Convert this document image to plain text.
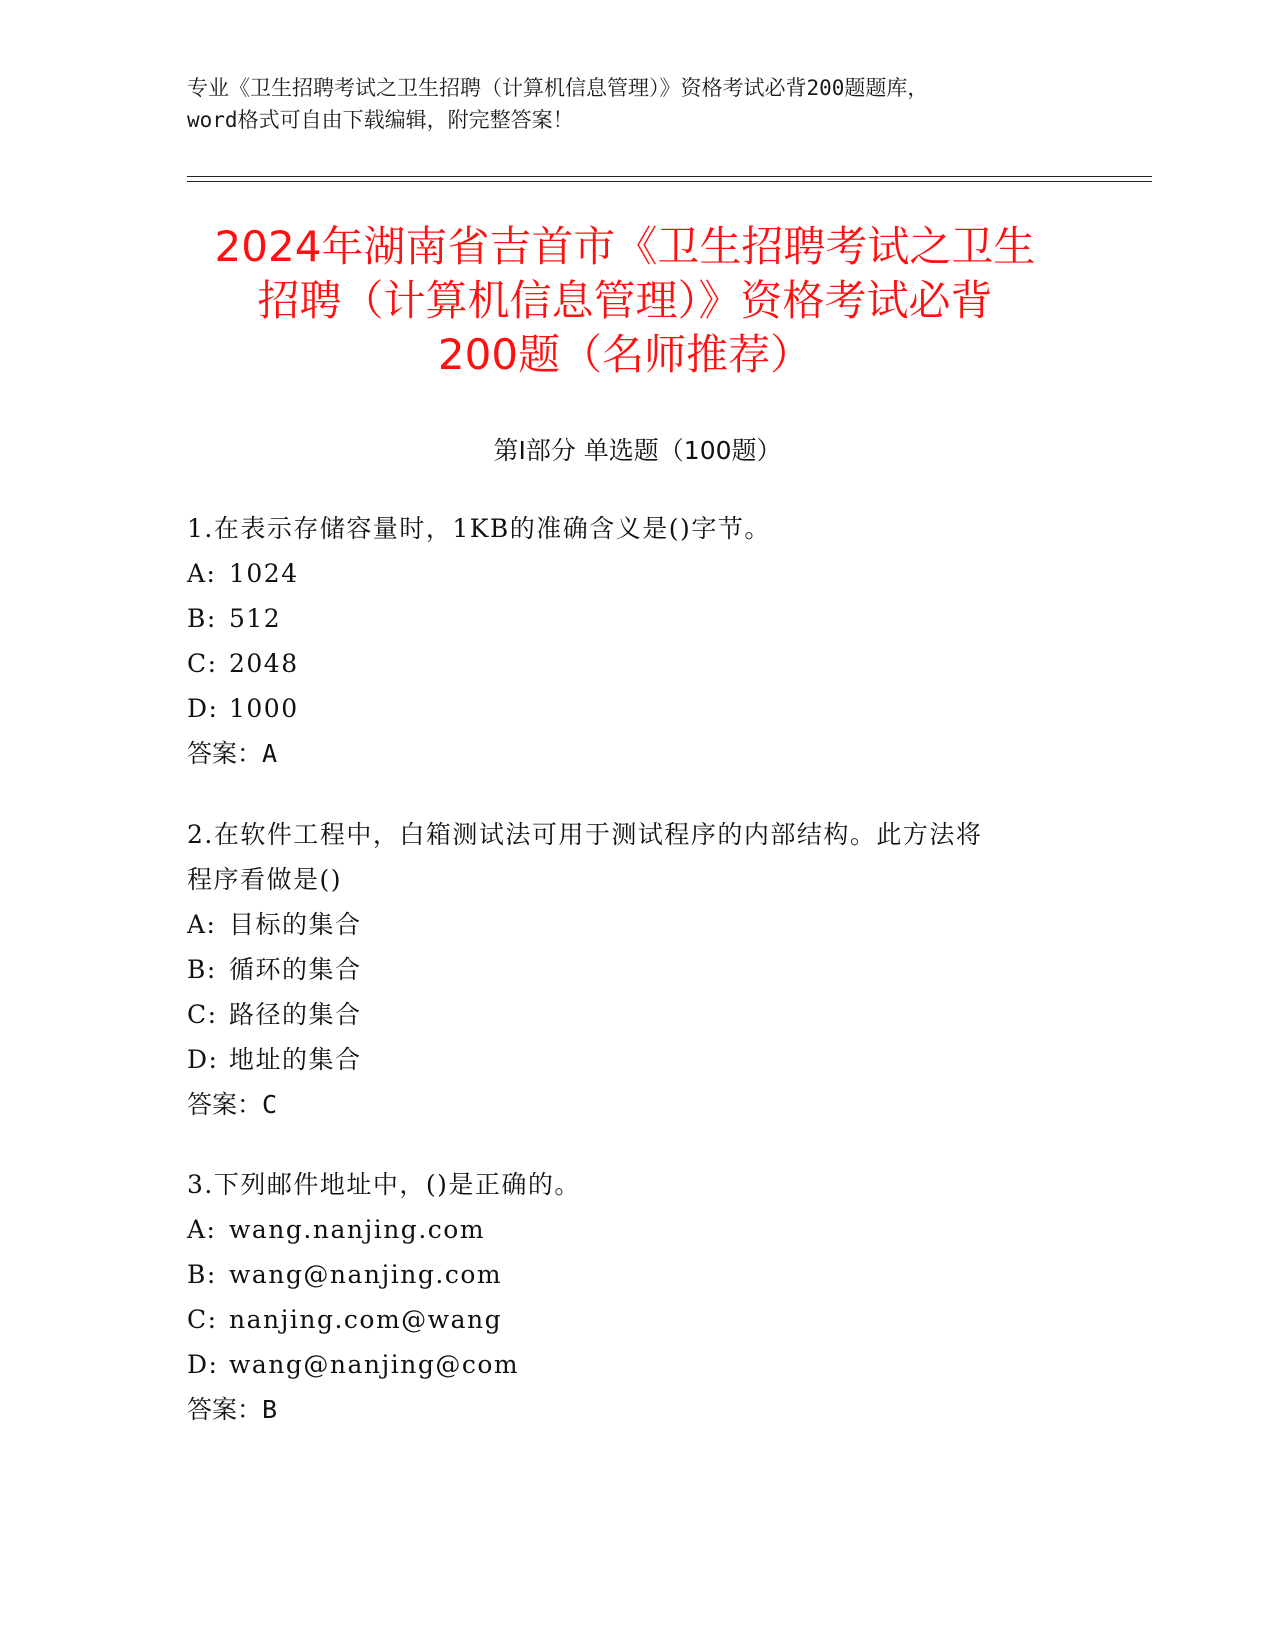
专业《卫生招聘考试之卫生招聘（计算机信息管理）》资格考试必背200题题库，
word格式可自由下载编辑，附完整答案！
2024年湖南省吉首市《卫生招聘考试之卫生
招聘（计算机信息管理）》资格考试必背
200题（名师推荐）
第Ⅰ部分 单选题（100题）
1.在表示存储容量时，1KB的准确含义是()字节。
A: 1024
B: 512
C: 2048
D: 1000
答案：A
2.在软件工程中，白箱测试法可用于测试程序的内部结构。此方法将
程序看做是()
A: 目标的集合
B: 循环的集合
C: 路径的集合
D: 地址的集合
答案：C
3.下列邮件地址中，()是正确的。
A: wang.nanjing.com
B: wang@nanjing.com
C: nanjing.com@wang
D: wang@nanjing@com
答案：B
